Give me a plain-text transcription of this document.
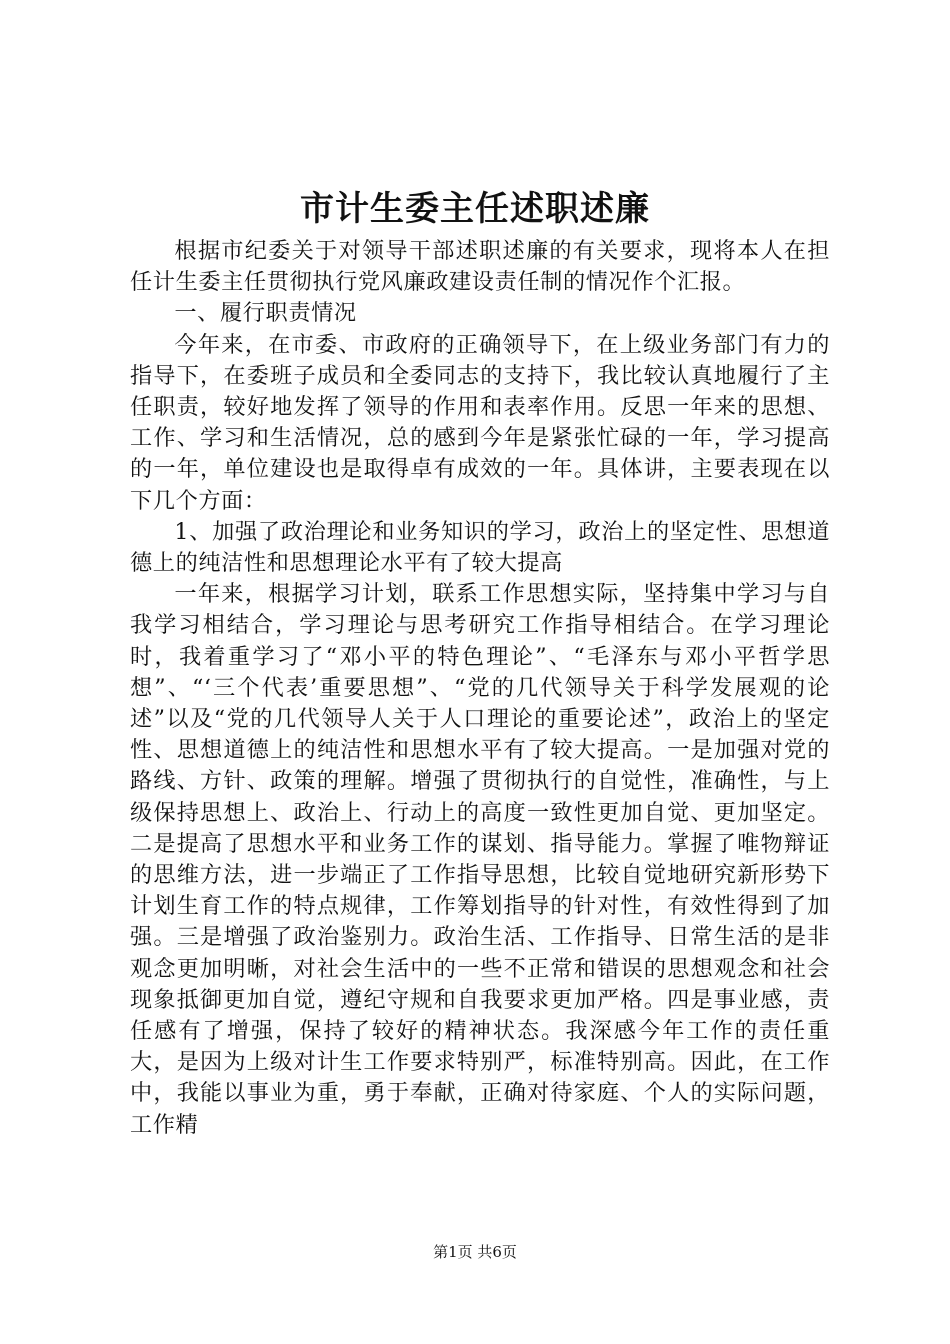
市计生委主任述职述廉

根据市纪委关于对领导干部述职述廉的有关要求，现将本人在担任计生委主任贯彻执行党风廉政建设责任制的情况作个汇报。

一、履行职责情况

今年来，在市委、市政府的正确领导下，在上级业务部门有力的指导下，在委班子成员和全委同志的支持下，我比较认真地履行了主任职责，较好地发挥了领导的作用和表率作用。反思一年来的思想、工作、学习和生活情况，总的感到今年是紧张忙碌的一年，学习提高的一年，单位建设也是取得卓有成效的一年。具体讲，主要表现在以下几个方面：

1、加强了政治理论和业务知识的学习，政治上的坚定性、思想道德上的纯洁性和思想理论水平有了较大提高

一年来，根据学习计划，联系工作思想实际，坚持集中学习与自我学习相结合，学习理论与思考研究工作指导相结合。在学习理论时，我着重学习了“邓小平的特色理论”、“毛泽东与邓小平哲学思想”、“‘三个代表’重要思想”、“党的几代领导关于科学发展观的论述”以及“党的几代领导人关于人口理论的重要论述”，政治上的坚定性、思想道德上的纯洁性和思想水平有了较大提高。一是加强对党的路线、方针、政策的理解。增强了贯彻执行的自觉性，准确性，与上级保持思想上、政治上、行动上的高度一致性更加自觉、更加坚定。二是提高了思想水平和业务工作的谋划、指导能力。掌握了唯物辩证的思维方法，进一步端正了工作指导思想，比较自觉地研究新形势下计划生育工作的特点规律，工作筹划指导的针对性，有效性得到了加强。三是增强了政治鉴别力。政治生活、工作指导、日常生活的是非观念更加明晰，对社会生活中的一些不正常和错误的思想观念和社会现象抵御更加自觉，遵纪守规和自我要求更加严格。四是事业感，责任感有了增强，保持了较好的精神状态。我深感今年工作的责任重大，是因为上级对计生工作要求特别严，标准特别高。因此，在工作中，我能以事业为重，勇于奉献，正确对待家庭、个人的实际问题，工作精

第1页 共6页
